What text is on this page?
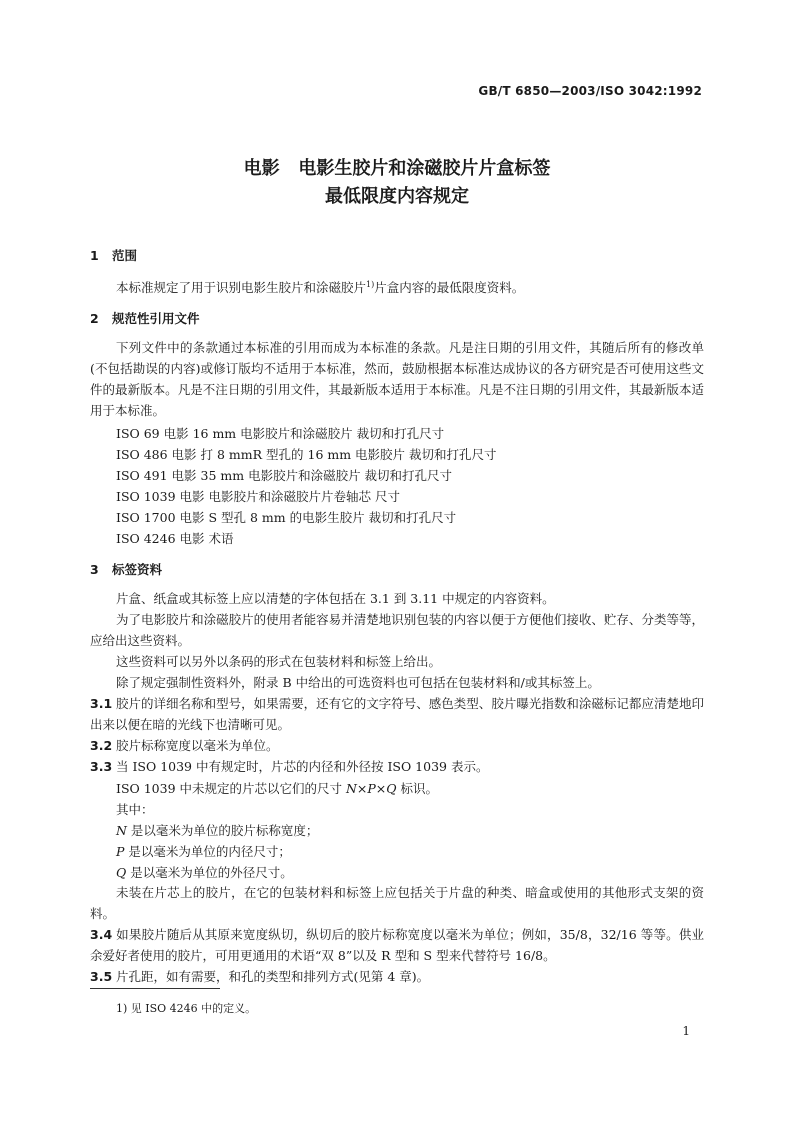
GB/T 6850—2003/ISO 3042:1992
电影   电影生胶片和涂磁胶片片盒标签
最低限度内容规定
1 范围
本标准规定了用于识别电影生胶片和涂磁胶片$^{1)}$片盒内容的最低限度资料。
2 规范性引用文件
下列文件中的条款通过本标准的引用而成为本标准的条款。凡是注日期的引用文件，其随后所有的修改单(不包括勘误的内容)或修订版均不适用于本标准，然而，鼓励根据本标准达成协议的各方研究是否可使用这些文件的最新版本。凡是不注日期的引用文件，其最新版本适用于本标准。凡是不注日期的引用文件，其最新版本适用于本标准。
ISO 69 电影 16 mm 电影胶片和涂磁胶片 裁切和打孔尺寸
ISO 486 电影 打 8 mmR 型孔的 16 mm 电影胶片 裁切和打孔尺寸
ISO 491 电影 35 mm 电影胶片和涂磁胶片 裁切和打孔尺寸
ISO 1039 电影 电影胶片和涂磁胶片片卷轴芯 尺寸
ISO 1700 电影 S 型孔 8 mm 的电影生胶片 裁切和打孔尺寸
ISO 4246 电影 术语
3 标签资料
片盒、纸盒或其标签上应以清楚的字体包括在 3.1 到 3.11 中规定的内容资料。
为了电影胶片和涂磁胶片的使用者能容易并清楚地识别包装的内容以便于方便他们接收、贮存、分类等等，应给出这些资料。
这些资料可以另外以条码的形式在包装材料和标签上给出。
除了规定强制性资料外，附录 B 中给出的可选资料也可包括在包装材料和/或其标签上。
3.1 胶片的详细名称和型号，如果需要，还有它的文字符号、感色类型、胶片曝光指数和涂磁标记都应清楚地印出来以便在暗的光线下也清晰可见。
3.2 胶片标称宽度以毫米为单位。
3.3 当 ISO 1039 中有规定时，片芯的内径和外径按 ISO 1039 表示。
ISO 1039 中未规定的片芯以它们的尺寸 N×P×Q 标识。
其中：
N 是以毫米为单位的胶片标称宽度；
P 是以毫米为单位的内径尺寸；
Q 是以毫米为单位的外径尺寸。
未装在片芯上的胶片，在它的包装材料和标签上应包括关于片盘的种类、暗盒或使用的其他形式支架的资料。
3.4 如果胶片随后从其原来宽度纵切，纵切后的胶片标称宽度以毫米为单位；例如，35/8，32/16 等等。供业余爱好者使用的胶片，可用更通用的术语“双 8”以及 R 型和 S 型来代替符号 16/8。
3.5 片孔距，如有需要，和孔的类型和排列方式(见第 4 章)。
1) 见 ISO 4246 中的定义。
1
